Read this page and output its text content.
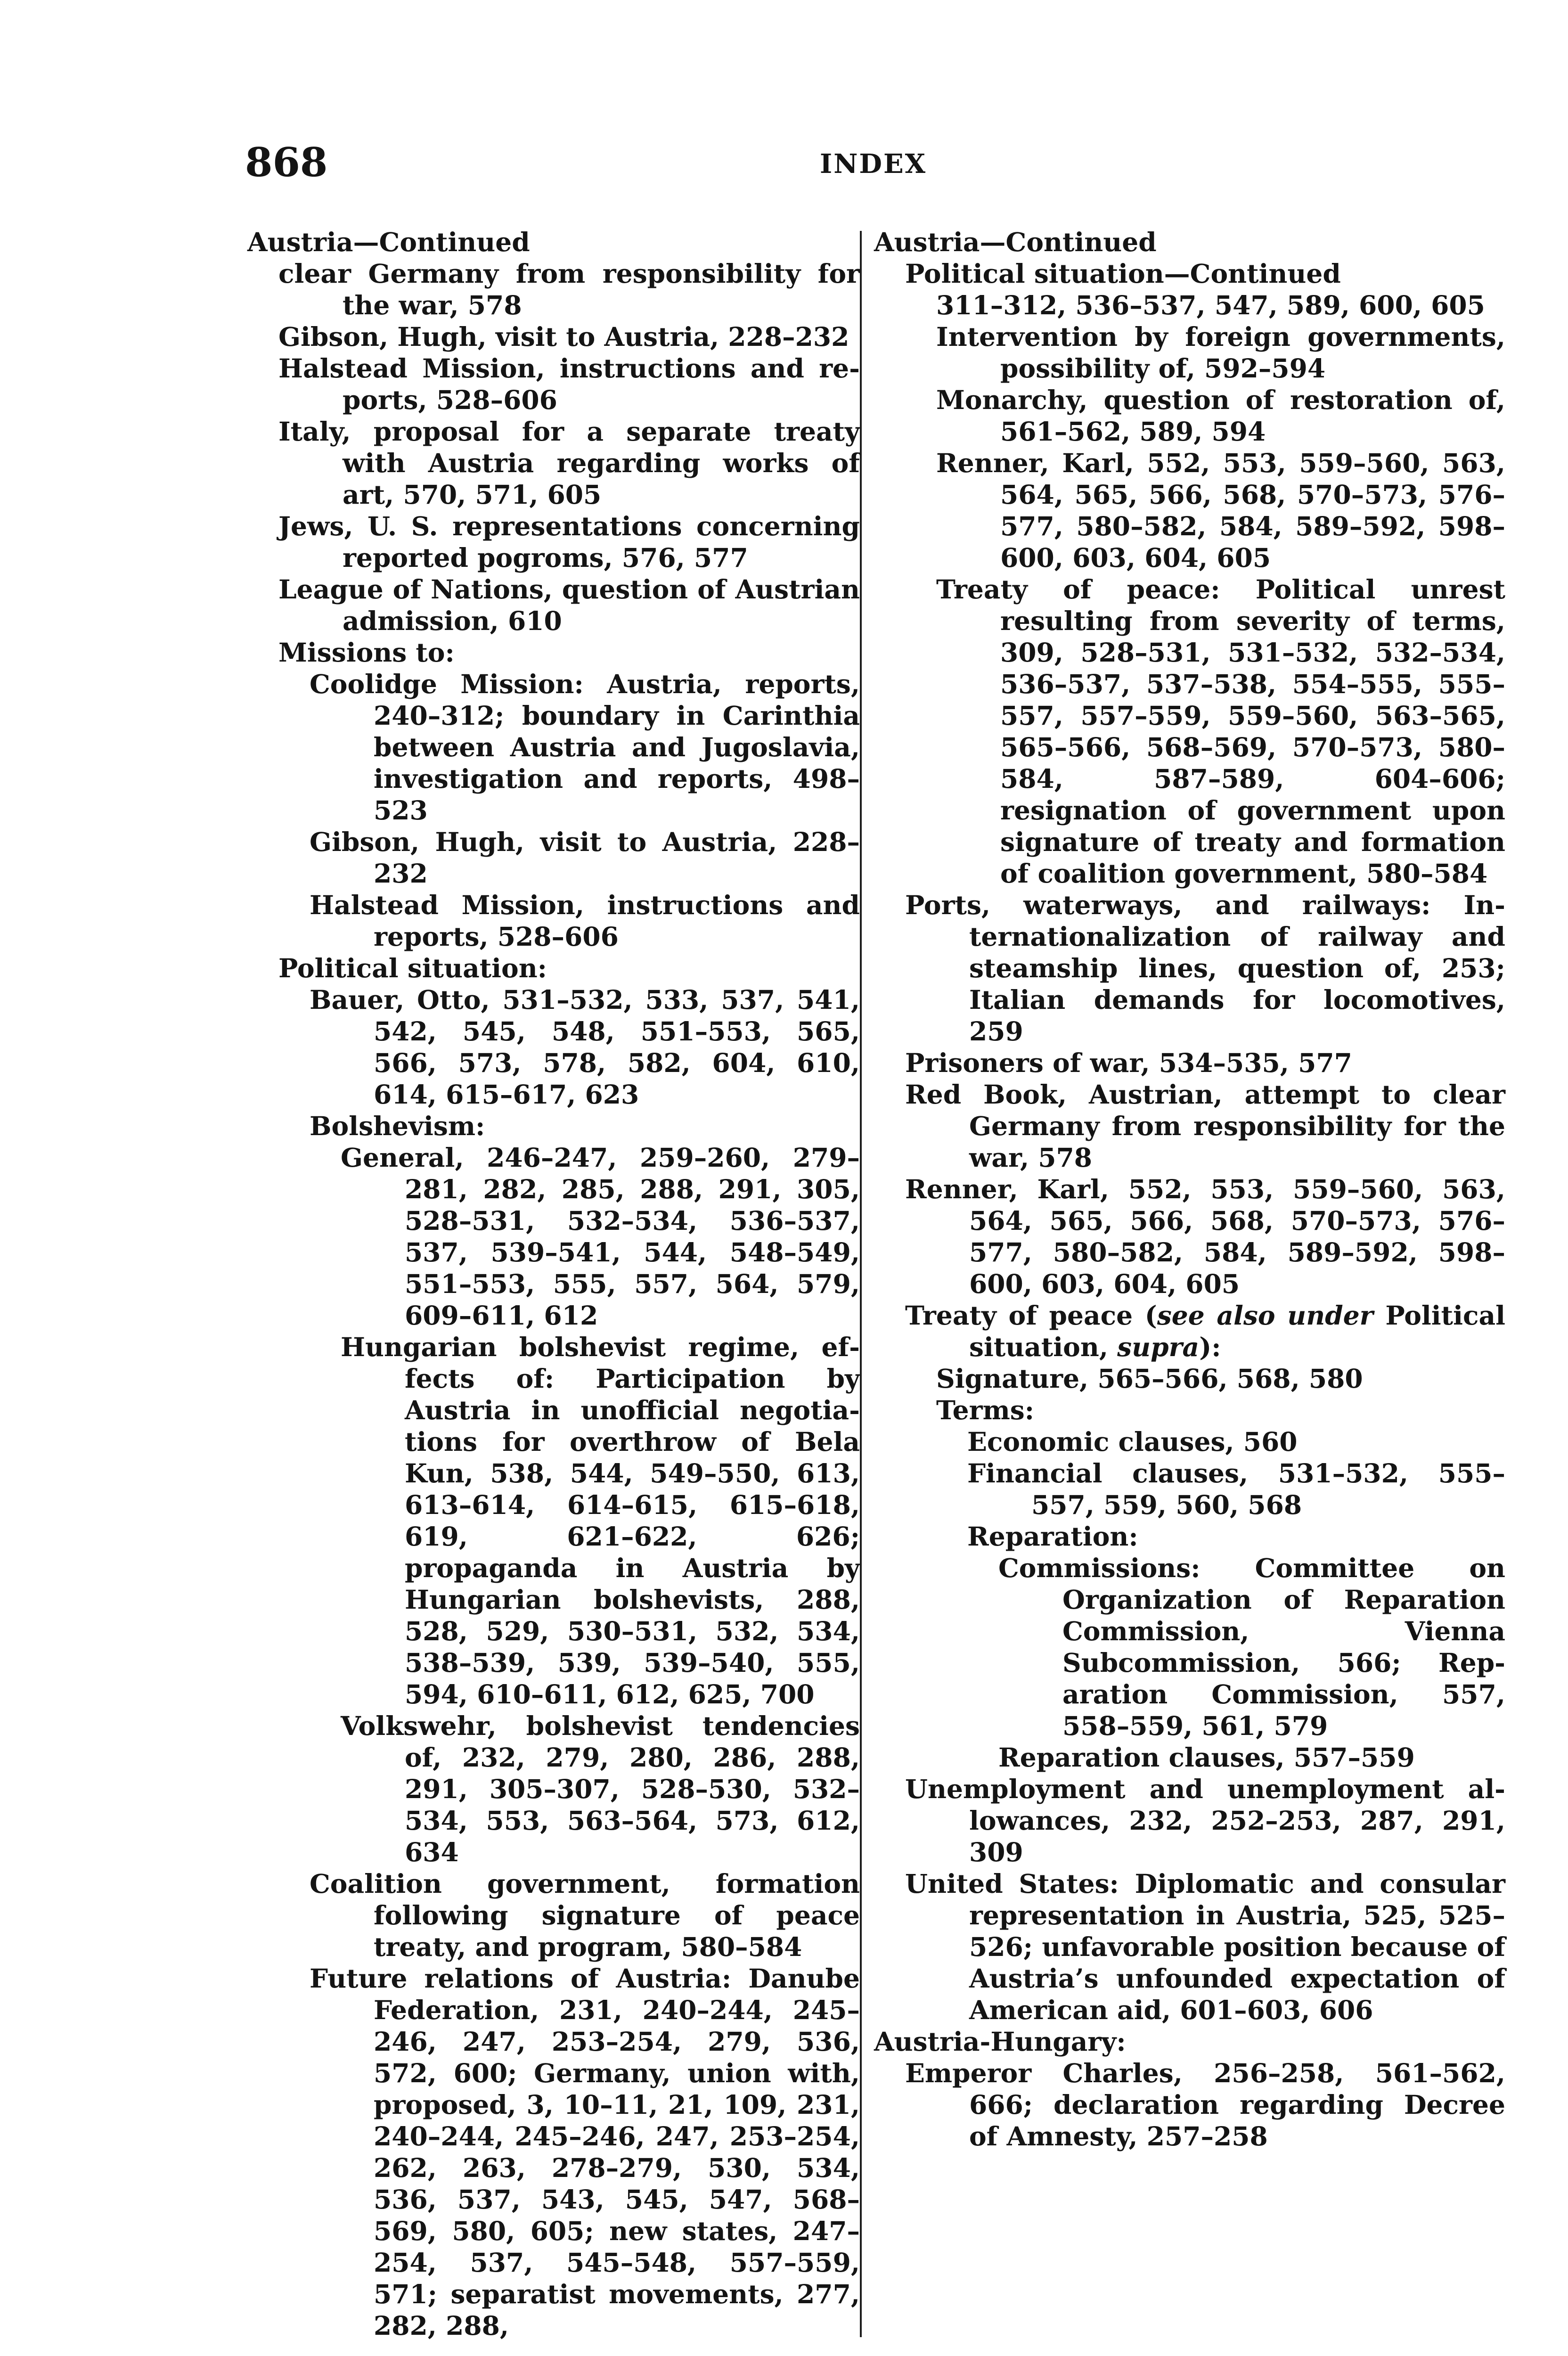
868	INDEX
Austria—Continued
clear Germany from responsibility for the war, 578
Gibson, Hugh, visit to Austria, 228–232
Halstead Mission, instructions and reports, 528–606
Italy, proposal for a separate treaty with Austria regarding works of art, 570, 571, 605
Jews, U. S. representations concerning reported pogroms, 576, 577
League of Nations, question of Austrian admission, 610
Missions to:
Coolidge Mission: Austria, reports, 240–312; boundary in Carinthia between Austria and Jugoslavia, investigation and reports, 498–523
Gibson, Hugh, visit to Austria, 228–232
Halstead Mission, instructions and reports, 528–606
Political situation:
Bauer, Otto, 531–532, 533, 537, 541, 542, 545, 548, 551–553, 565, 566, 573, 578, 582, 604, 610, 614, 615–617, 623
Bolshevism:
General, 246–247, 259–260, 279–281, 282, 285, 288, 291, 305, 528–531, 532–534, 536–537, 537, 539–541, 544, 548–549, 551–553, 555, 557, 564, 579, 609–611, 612
Hungarian bolshevist regime, effects of: Participation by Austria in unofficial negotiations for overthrow of Bela Kun, 538, 544, 549–550, 613, 613–614, 614–615, 615–618, 619, 621–622, 626; propaganda in Austria by Hungarian bolshevists, 288, 528, 529, 530–531, 532, 534, 538–539, 539, 539–540, 555, 594, 610–611, 612, 625, 700
Volkswehr, bolshevist tendencies of, 232, 279, 280, 286, 288, 291, 305–307, 528–530, 532–534, 553, 563–564, 573, 612, 634
Coalition government, formation following signature of peace treaty, and program, 580–584
Future relations of Austria: Danube Federation, 231, 240–244, 245–246, 247, 253–254, 279, 536, 572, 600; Germany, union with, proposed, 3, 10–11, 21, 109, 231, 240–244, 245–246, 247, 253–254, 262, 263, 278–279, 530, 534, 536, 537, 543, 545, 547, 568–569, 580, 605; new states, 247–254, 537, 545–548, 557–559, 571; separatist movements, 277, 282, 288,
Austria—Continued
Political situation—Continued
311–312, 536–537, 547, 589, 600, 605
Intervention by foreign governments, possibility of, 592–594
Monarchy, question of restoration of, 561–562, 589, 594
Renner, Karl, 552, 553, 559–560, 563, 564, 565, 566, 568, 570–573, 576–577, 580–582, 584, 589–592, 598–600, 603, 604, 605
Treaty of peace: Political unrest resulting from severity of terms, 309, 528–531, 531–532, 532–534, 536–537, 537–538, 554–555, 555–557, 557–559, 559–560, 563–565, 565–566, 568–569, 570–573, 580–584, 587–589, 604–606; resignation of government upon signature of treaty and formation of coalition government, 580–584
Ports, waterways, and railways: Internationalization of railway and steamship lines, question of, 253; Italian demands for locomotives, 259
Prisoners of war, 534–535, 577
Red Book, Austrian, attempt to clear Germany from responsibility for the war, 578
Renner, Karl, 552, 553, 559–560, 563, 564, 565, 566, 568, 570–573, 576–577, 580–582, 584, 589–592, 598–600, 603, 604, 605
Treaty of peace (see also under Political situation, supra):
Signature, 565–566, 568, 580
Terms:
Economic clauses, 560
Financial clauses, 531–532, 555–557, 559, 560, 568
Reparation:
Commissions: Committee on Organization of Reparation Commission, Vienna Subcommission, 566; Reparation Commission, 557, 558–559, 561, 579
Reparation clauses, 557–559
Unemployment and unemployment allowances, 232, 252–253, 287, 291, 309
United States: Diplomatic and consular representation in Austria, 525, 525–526; unfavorable position because of Austria’s unfounded expectation of American aid, 601–603, 606
Austria-Hungary:
Emperor Charles, 256–258, 561–562, 666; declaration regarding Decree of Amnesty, 257–258
